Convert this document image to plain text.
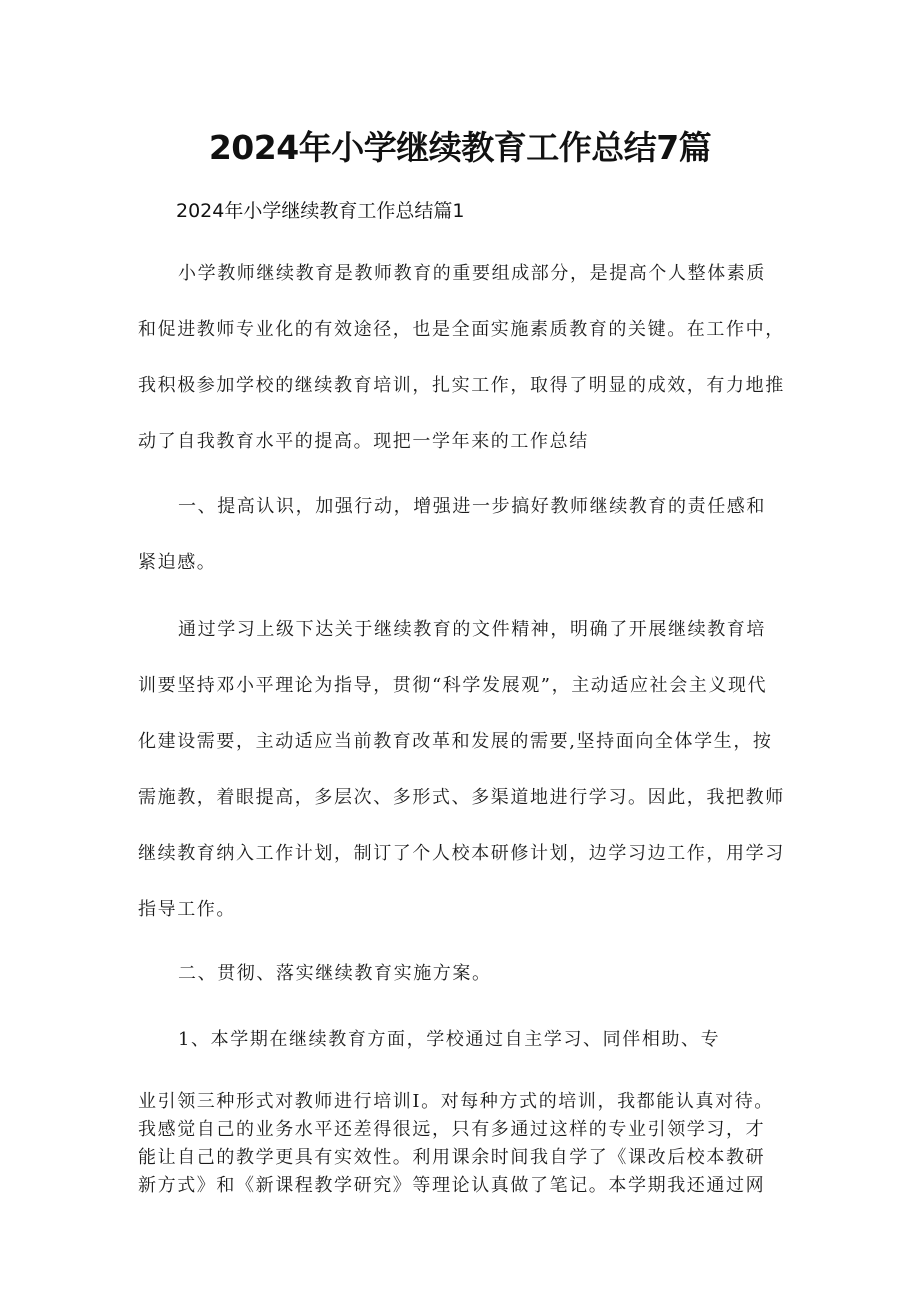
2024年小学继续教育工作总结7篇
2024年小学继续教育工作总结篇1
小学教师继续教育是教师教育的重要组成部分，是提高个人整体素质
和促进教师专业化的有效途径，也是全面实施素质教育的关键。在工作中，
我积极参加学校的继续教育培训，扎实工作，取得了明显的成效，有力地推
动了自我教育水平的提高。现把一学年来的工作总结
一、提高认识，加强行动，增强进一步搞好教师继续教育的责任感和
紧迫感。
通过学习上级下达关于继续教育的文件精神，明确了开展继续教育培
训要坚持邓小平理论为指导，贯彻“科学发展观”，主动适应社会主义现代
化建设需要，主动适应当前教育改革和发展的需要,坚持面向全体学生，按
需施教，着眼提高，多层次、多形式、多渠道地进行学习。因此，我把教师
继续教育纳入工作计划，制订了个人校本研修计划，边学习边工作，用学习
指导工作。
二、贯彻、落实继续教育实施方案。
1、本学期在继续教育方面，学校通过自主学习、同伴相助、专
业引领三种形式对教师进行培训I。对每种方式的培训，我都能认真对待。
我感觉自己的业务水平还差得很远，只有多通过这样的专业引领学习，才
能让自己的教学更具有实效性。利用课余时间我自学了《课改后校本教研
新方式》和《新课程教学研究》等理论认真做了笔记。本学期我还通过网
